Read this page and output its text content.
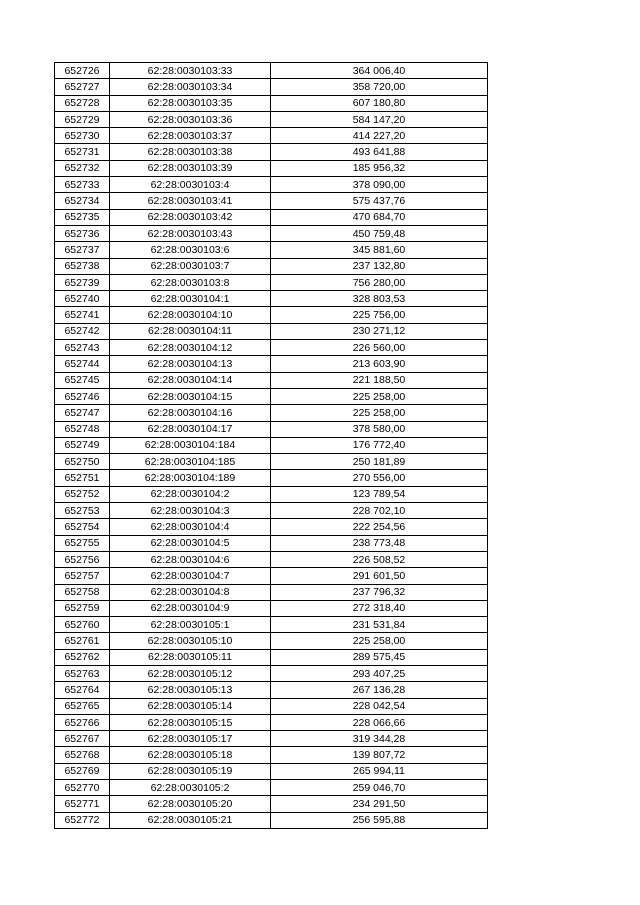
652726	62:28:0030103:33	364 006,40
652727	62:28:0030103:34	358 720,00
652728	62:28:0030103:35	607 180,80
652729	62:28:0030103:36	584 147,20
652730	62:28:0030103:37	414 227,20
652731	62:28:0030103:38	493 641,88
652732	62:28:0030103:39	185 956,32
652733	62:28:0030103:4	378 090,00
652734	62:28:0030103:41	575 437,76
652735	62:28:0030103:42	470 684,70
652736	62:28:0030103:43	450 759,48
652737	62:28:0030103:6	345 881,60
652738	62:28:0030103:7	237 132,80
652739	62:28:0030103:8	756 280,00
652740	62:28:0030104:1	328 803,53
652741	62:28:0030104:10	225 756,00
652742	62:28:0030104:11	230 271,12
652743	62:28:0030104:12	226 560,00
652744	62:28:0030104:13	213 603,90
652745	62:28:0030104:14	221 188,50
652746	62:28:0030104:15	225 258,00
652747	62:28:0030104:16	225 258,00
652748	62:28:0030104:17	378 580,00
652749	62:28:0030104:184	176 772,40
652750	62:28:0030104:185	250 181,89
652751	62:28:0030104:189	270 556,00
652752	62:28:0030104:2	123 789,54
652753	62:28:0030104:3	228 702,10
652754	62:28:0030104:4	222 254,56
652755	62:28:0030104:5	238 773,48
652756	62:28:0030104:6	226 508,52
652757	62:28:0030104:7	291 601,50
652758	62:28:0030104:8	237 796,32
652759	62:28:0030104:9	272 318,40
652760	62:28:0030105:1	231 531,84
652761	62:28:0030105:10	225 258,00
652762	62:28:0030105:11	289 575,45
652763	62:28:0030105:12	293 407,25
652764	62:28:0030105:13	267 136,28
652765	62:28:0030105:14	228 042,54
652766	62:28:0030105:15	228 066,66
652767	62:28:0030105:17	319 344,28
652768	62:28:0030105:18	139 807,72
652769	62:28:0030105:19	265 994,11
652770	62:28:0030105:2	259 046,70
652771	62:28:0030105:20	234 291,50
652772	62:28:0030105:21	256 595,88
